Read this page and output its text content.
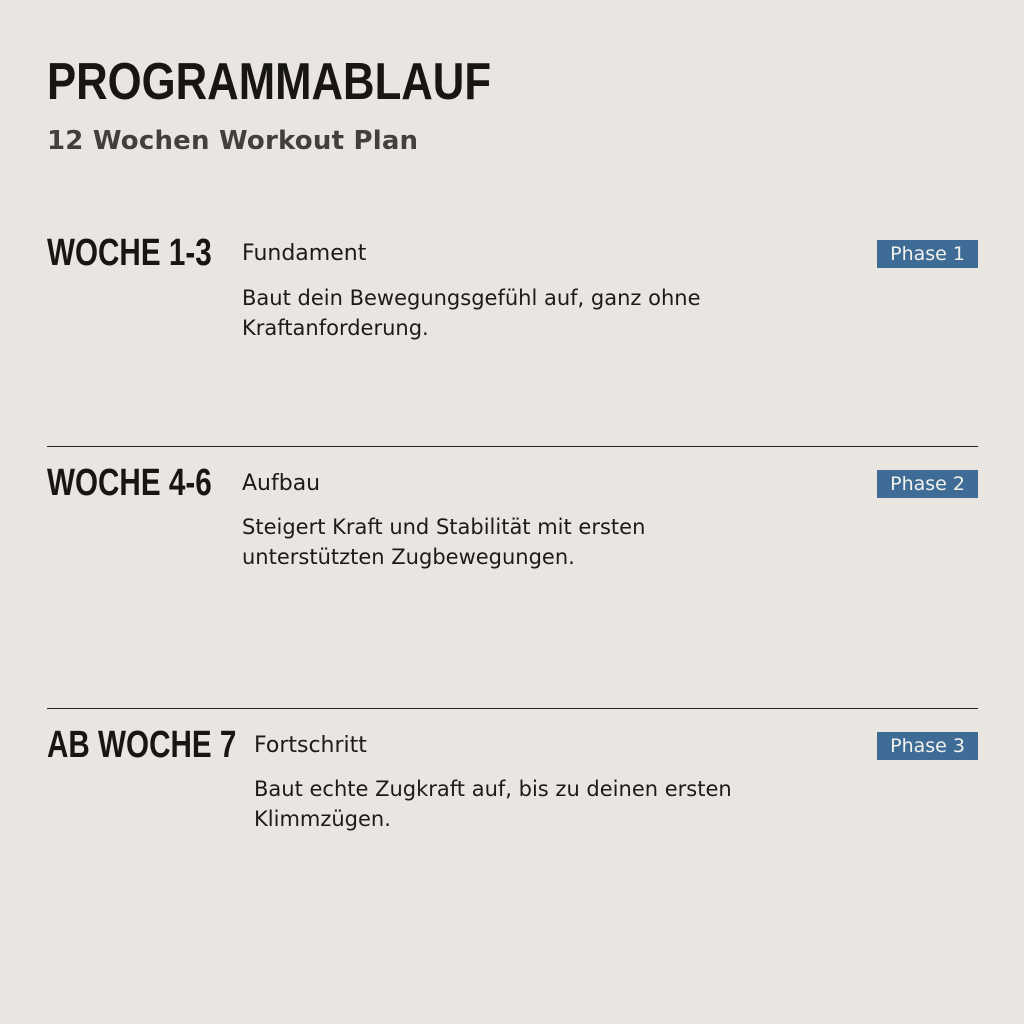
PROGRAMMABLAUF

12 Wochen Workout Plan

WOCHE 1-3 Fundament

Baut dein Bewegungsgefühl auf, ganz ohne Kraftanforderung.

Phase 1
WOCHE 4-6 Aufbau

Steigert Kraft und Stabilität mit ersten unterstützten Zugbewegungen.

Phase 2
AB WOCHE 7 Fortschritt

Baut echte Zugkraft auf, bis zu deinen ersten Klimmzügen.

Phase 3
